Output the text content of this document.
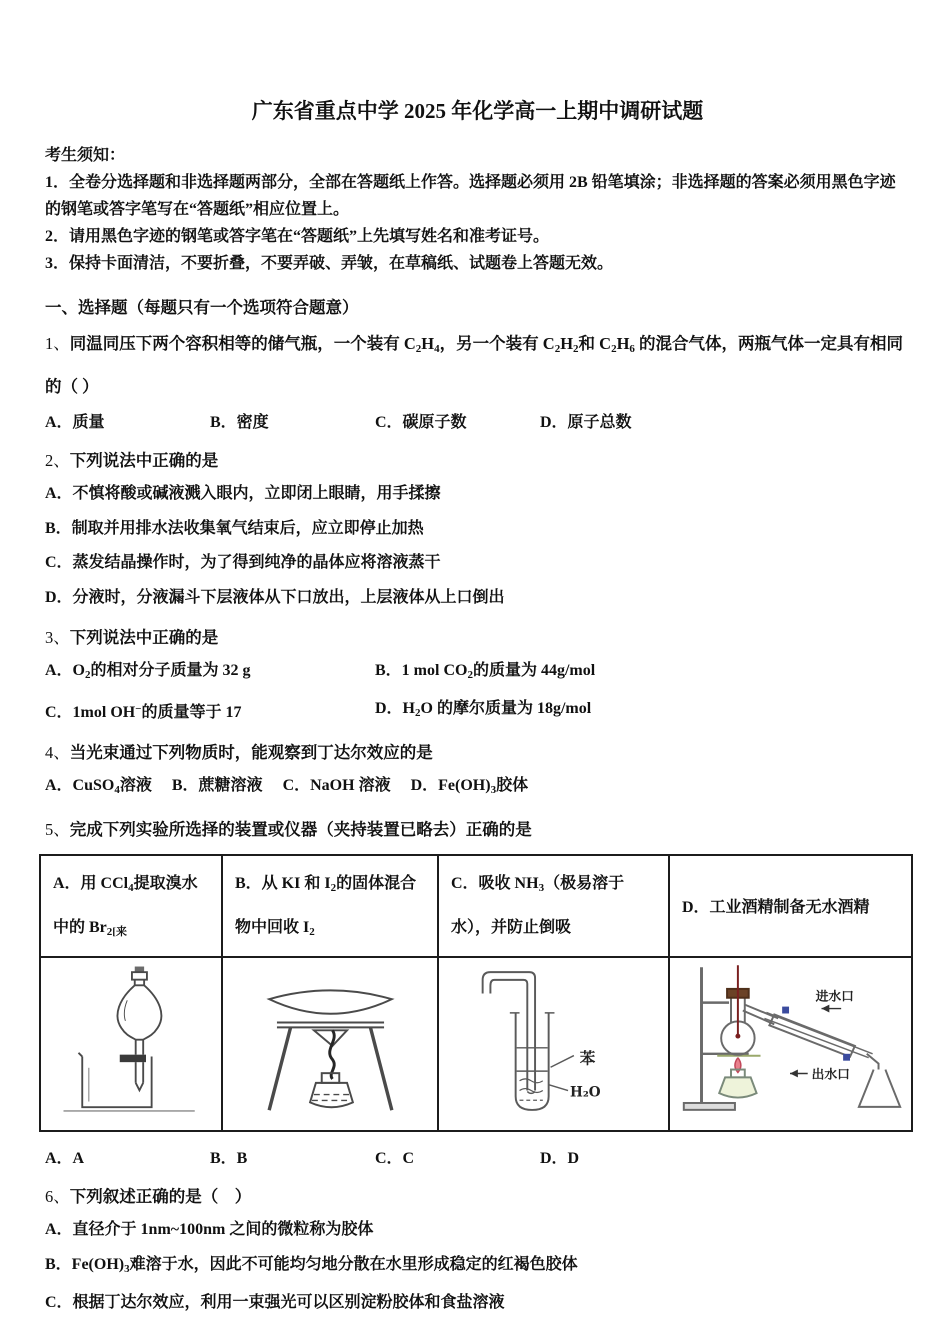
广东省重点中学 2025 年化学高一上期中调研试题

考生须知：

1．全卷分选择题和非选择题两部分，全部在答题纸上作答。选择题必须用 2B 铅笔填涂；非选择题的答案必须用黑色字迹的钢笔或答字笔写在“答题纸”相应位置上。

2．请用黑色字迹的钢笔或答字笔在“答题纸”上先填写姓名和准考证号。

3．保持卡面清洁，不要折叠，不要弄破、弄皱，在草稿纸、试题卷上答题无效。

一、选择题（每题只有一个选项符合题意）

1、同温同压下两个容积相等的储气瓶，一个装有 $C_2H_4$，另一个装有 $C_2H_2$和 $C_2H_6$ 的混合气体，两瓶气体一定具有相同的（ ）

A．质量	B．密度	C．碳原子数	D．原子总数

2、下列说法中正确的是

A．不慎将酸或碱液溅入眼内，立即闭上眼睛，用手揉擦

B．制取并用排水法收集氧气结束后，应立即停止加热

C．蒸发结晶操作时，为了得到纯净的晶体应将溶液蒸干

D．分液时，分液漏斗下层液体从下口放出，上层液体从上口倒出

3、下列说法中正确的是

A．$O_2$的相对分子质量为 32 g	B．1 mol $CO_2$的质量为 44g/mol
C．1mol OH−的质量等于 17	D．$H_2O$ 的摩尔质量为 18g/mol

4、当光束通过下列物质时，能观察到丁达尔效应的是

A．CuSO$_4$溶液 B．蔗糖溶液 C．NaOH 溶液 D．$Fe(OH)_3$胶体

5、完成下列实验所选择的装置或仪器（夹持装置已略去）正确的是

A．用 CCl$_4$提取溴水中的 $Br_{2[来}$	B．从 KI 和 $I_2$的固体混合物中回收 $I_2$	C．吸收 $NH_3$（极易溶于水），并防止倒吸	D．工业酒精制备无水酒精

苯
H₂O	进水口
出水口
A．A	B．B	C．C	D．D

6、下列叙述正确的是（　）

A．直径介于 1nm~100nm 之间的微粒称为胶体

B．$Fe(OH)_3$难溶于水，因此不可能均匀地分散在水里形成稳定的红褐色胶体

C．根据丁达尔效应，利用一束强光可以区别淀粉胶体和食盐溶液
